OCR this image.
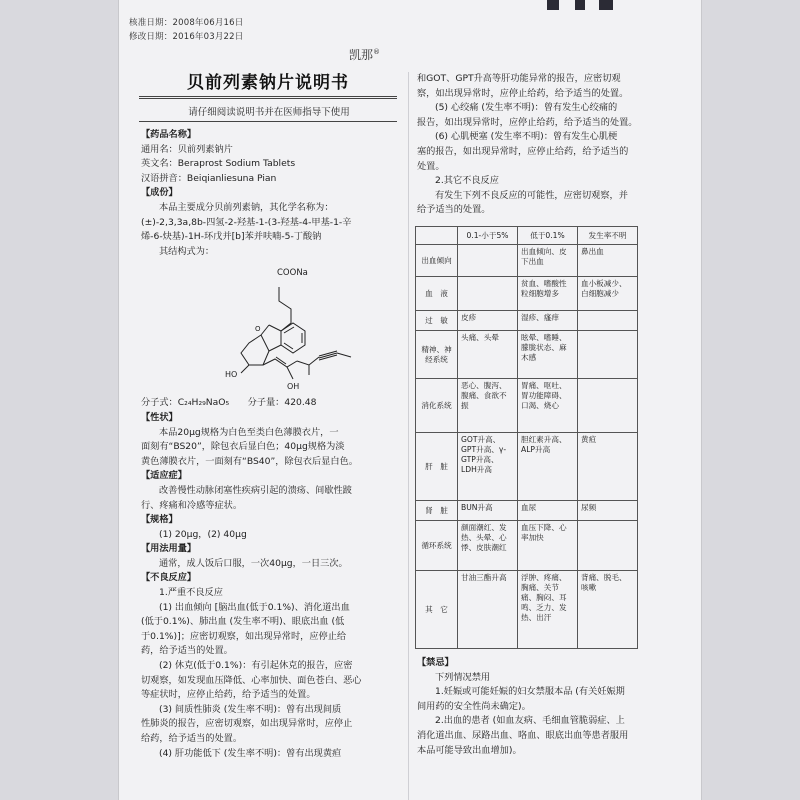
核准日期：2008年06月16日
修改日期：2016年03月22日
凯那®
贝前列素钠片说明书
请仔细阅读说明书并在医师指导下使用

【药品名称】

通用名：贝前列素钠片

英文名：Beraprost Sodium Tablets

汉语拼音：Beiqianliesuna Pian

【成份】

本品主要成分贝前列素钠，其化学名称为：

(±)-2,3,3a,8b-四氢-2-羟基-1-(3-羟基-4-甲基-1-辛

烯-6-炔基)-1H-环戊并[b]苯并呋喃-5-丁酸钠

其结构式为：

COONa
O
HO
OH

分子式：C₂₄H₂₉NaO₅　　分子量：420.48

【性状】

本品20μg规格为白色至类白色薄膜衣片，一

面刻有“BS20”，除包衣后显白色；40μg规格为淡

黄色薄膜衣片，一面刻有“BS40”，除包衣后显白色。

【适应症】

改善慢性动脉闭塞性疾病引起的溃疡、间歇性跛

行、疼痛和冷感等症状。

【规格】

(1) 20μg，(2) 40μg

【用法用量】

通常，成人饭后口服，一次40μg，一日三次。

【不良反应】

1.严重不良反应

(1) 出血倾向 [脑出血(低于0.1%)、消化道出血

(低于0.1%)、肺出血 (发生率不明)、眼底出血 (低

于0.1%)]；应密切观察，如出现异常时，应停止给

药，给予适当的处置。

(2) 休克(低于0.1%)：有引起休克的报告，应密

切观察，如发现血压降低、心率加快、面色苍白、恶心

等症状时，应停止给药，给予适当的处置。

(3) 间质性肺炎 (发生率不明)：曾有出现间质

性肺炎的报告，应密切观察，如出现异常时，应停止

给药，给予适当的处置。

(4) 肝功能低下 (发生率不明)：曾有出现黄疸

和GOT、GPT升高等肝功能异常的报告，应密切观

察，如出现异常时，应停止给药，给予适当的处置。

(5) 心绞痛 (发生率不明)：曾有发生心绞痛的

报告，如出现异常时，应停止给药，给予适当的处置。

(6) 心肌梗塞 (发生率不明)：曾有发生心肌梗

塞的报告，如出现异常时，应停止给药，给予适当的

处置。

2.其它不良反应

有发生下列不良反应的可能性，应密切观察，并

给予适当的处置。

	0.1-小于5%	低于0.1%	发生率不明
出血倾向		出血倾向、皮下出血	鼻出血
血　液		贫血、嗜酸性粒细胞增多	血小板减少、白细胞减少
过　敏	皮疹	湿疹、瘙痒	
精神、神经系统	头痛、头晕	眩晕、嗜睡、朦胧状态、麻木感	
消化系统	恶心、腹泻、腹痛、食欲不振	胃痛、呕吐、胃功能障碍、口渴、烧心	
肝　脏	GOT升高、GPT升高、γ-GTP升高、LDH升高	胆红素升高、ALP升高	黄疸
肾　脏	BUN升高	血尿	尿频
循环系统	颜面潮红、发热、头晕、心悸、皮肤潮红	血压下降、心率加快	
其　它	甘油三酯升高	浮肿、疼痛、胸痛、关节痛、胸闷、耳鸣、乏力、发热、出汗	背痛、脱毛、咳嗽

【禁忌】

下列情况禁用

1.妊娠或可能妊娠的妇女禁服本品 (有关妊娠期

间用药的安全性尚未确定)。

2.出血的患者 (如血友病、毛细血管脆弱症、上

消化道出血、尿路出血、咯血、眼底出血等患者服用

本品可能导致出血增加)。
